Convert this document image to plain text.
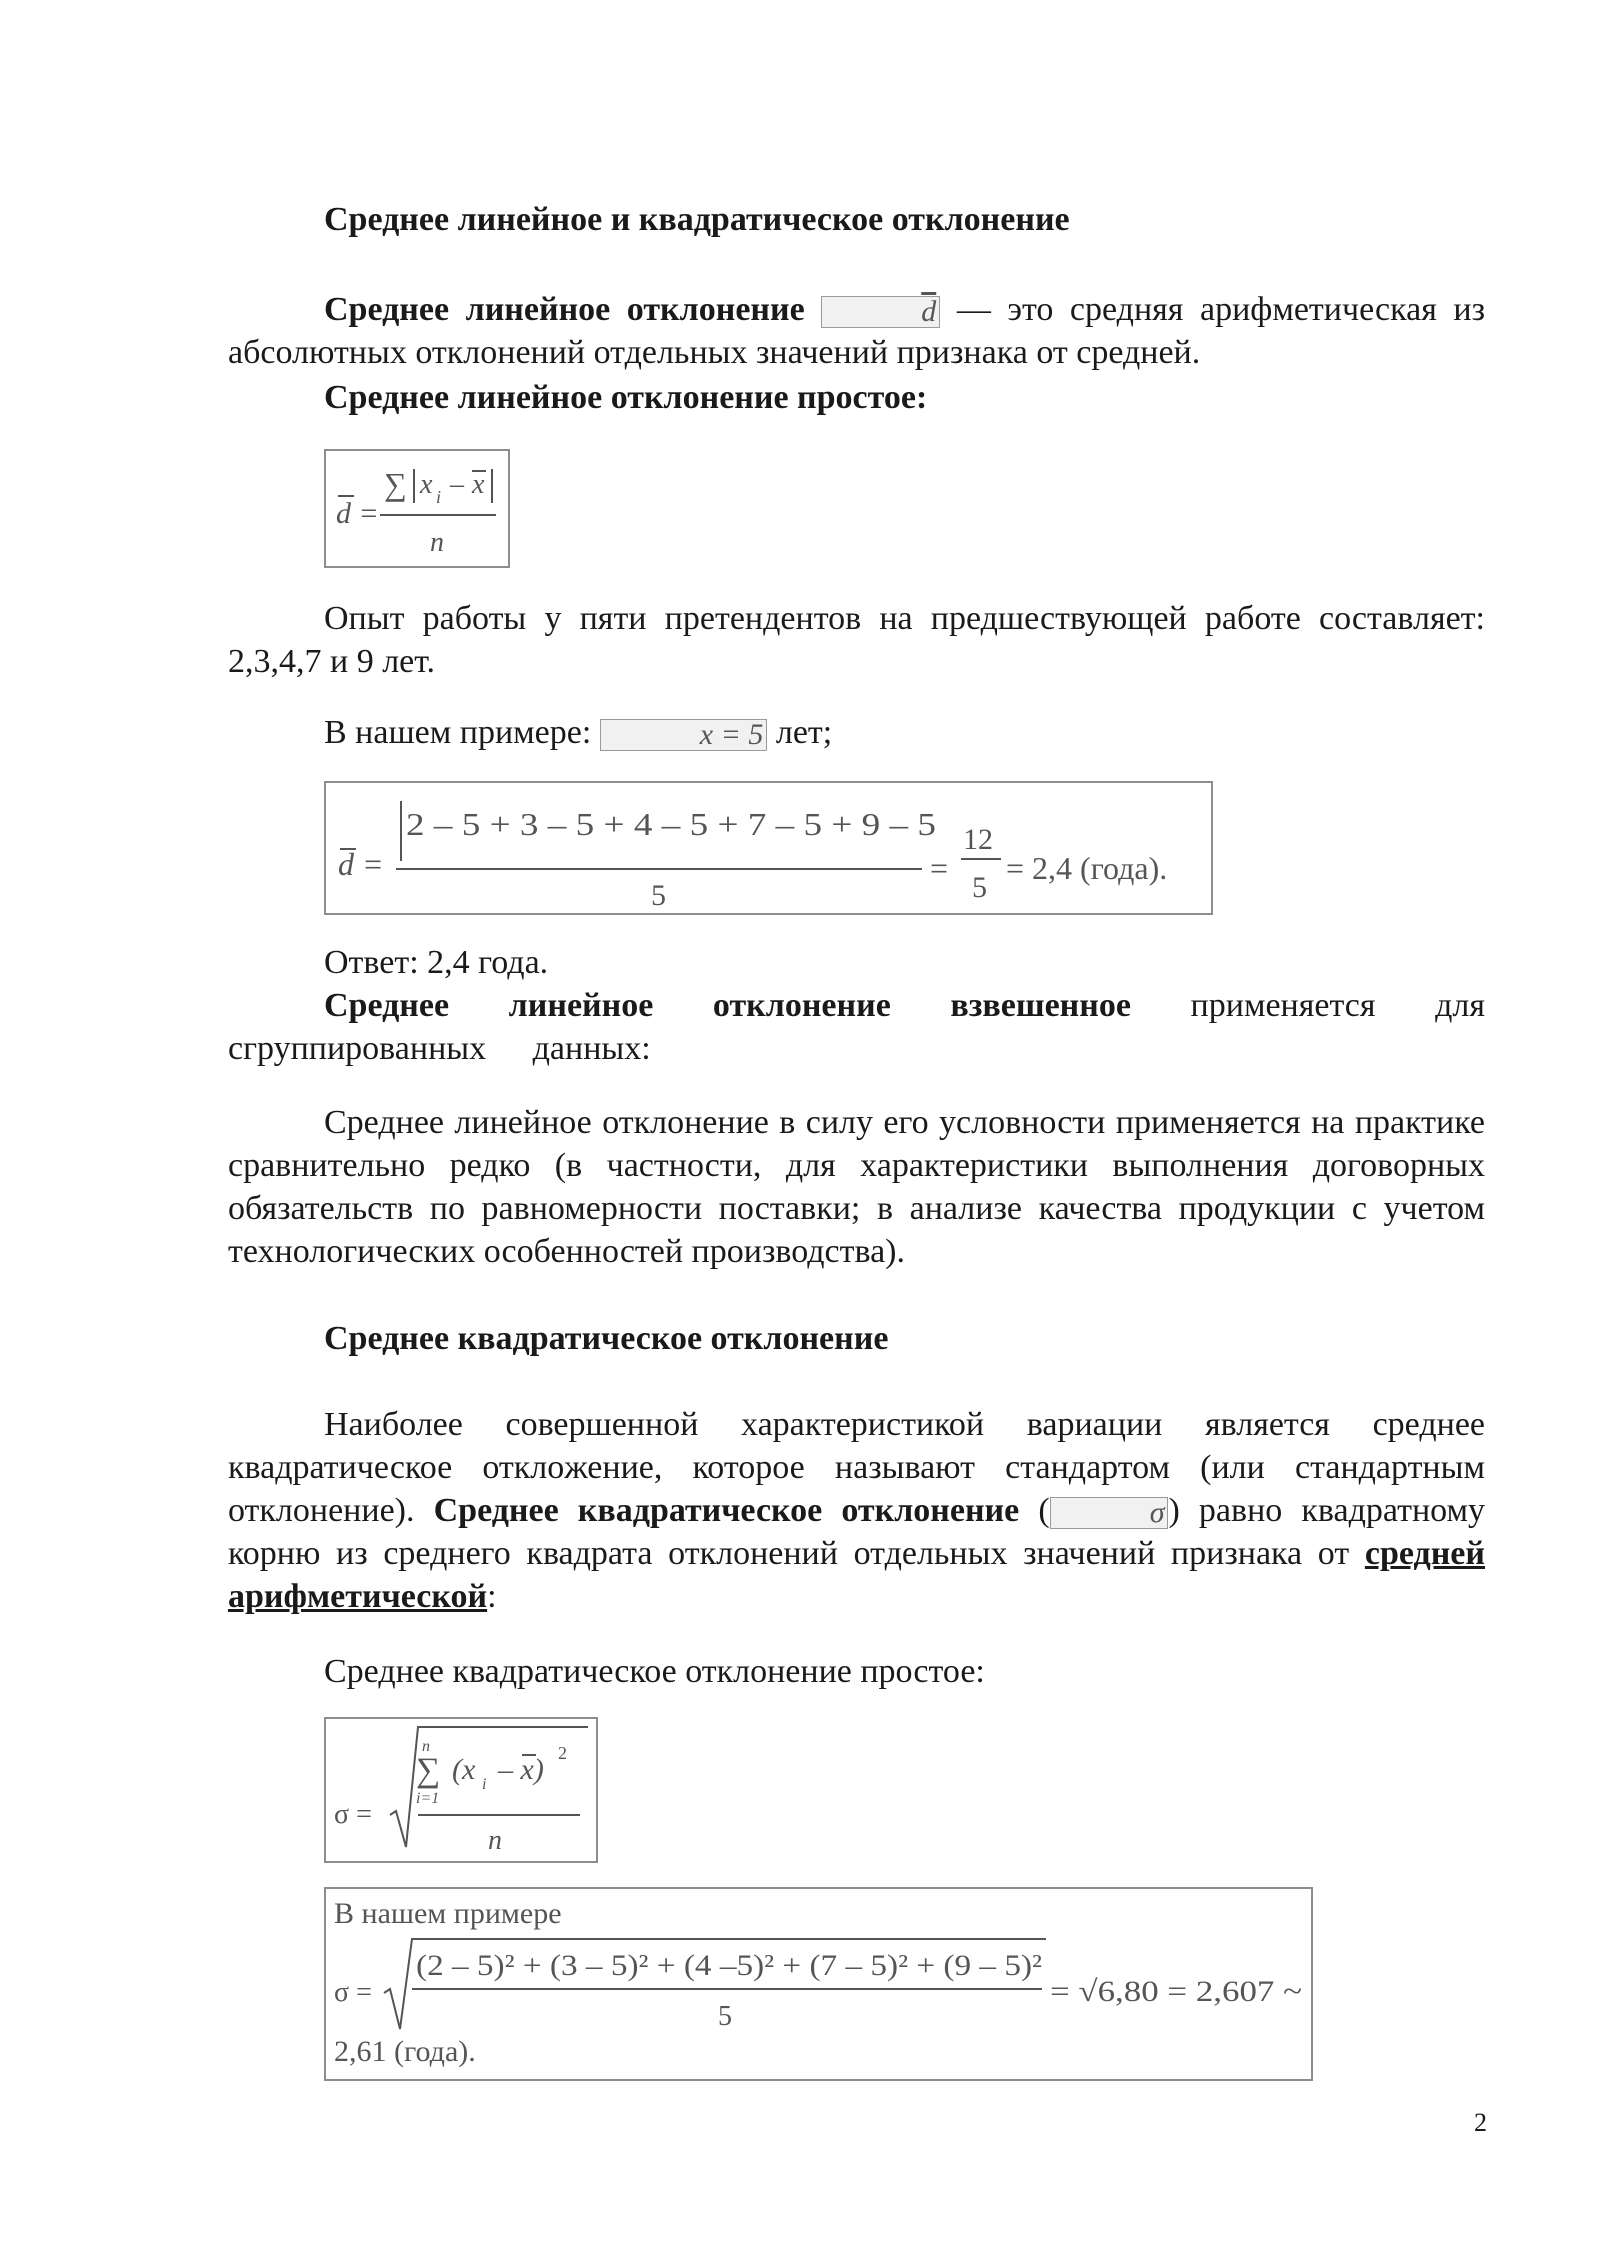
Среднее линейное и квадратическое отклонение

Среднее линейное отклонение	$\overline{d}$ — это средняя арифметическая из абсолютных отклонений отдельных значений признака от средней.

Среднее линейное отклонение простое:
d =
∑ x i – x
n

Опыт работы у пяти претендентов на предшествующей работе составляет: 2,3,4,7 и 9 лет.

В нашем примере:	x = 5 лет;

d =
2 – 5 + 3 – 5 + 4 – 5 + 7 – 5 + 9 – 5
5
=
12
5
= 2,4 (года).

Ответ: 2,4 года.

Среднее линейное отклонение взвешенное применяется для сгруппированных данных:

Среднее линейное отклонение в силу его условности применяется на практике сравнительно редко (в частности, для характеристики выполнения договорных обязательств по равномерности поставки; в анализе качества продукции с учетом технологических особенностей производства).

Среднее квадратическое отклонение

Наиболее совершенной характеристикой вариации является среднее квадратическое отклoжение, которое называют стандартом (или стандартным отклонение). Среднее квадратическое отклонение (	σ ) равно квадратному корню из среднего квадрата отклонений отдельных значений признака от средней арифметической:

Среднее квадратическое отклонение простое:

σ =
n
∑
i=1
(x i – x) 2
n
В нашем примере
σ =
(2 – 5)² + (3 – 5)² + (4 –5)² + (7 – 5)² + (9 – 5)²
5
= √6,80 = 2,607 ~
2,61 (года).
2
